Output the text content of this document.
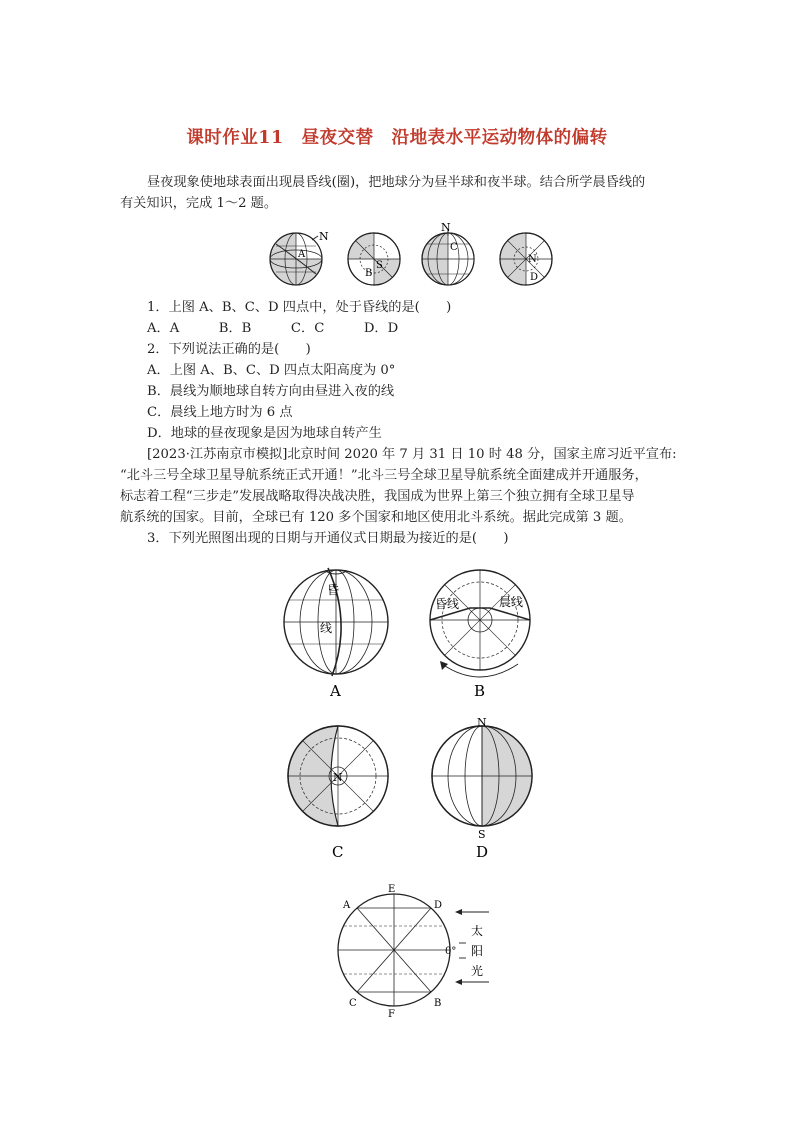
课时作业11　昼夜交替　沿地表水平运动物体的偏转
昼夜现象使地球表面出现晨昏线(圈)，把地球分为昼半球和夜半球。结合所学晨昏线的
有关知识，完成 1～2 题。
N
A
S
B
N
C
N
D
1．上图 A、B、C、D 四点中，处于昏线的是(　　)
A．A　　　B．B　　　C．C　　　D．D
2．下列说法正确的是(　　)
A．上图 A、B、C、D 四点太阳高度为 0°
B．晨线为顺地球自转方向由昼进入夜的线
C．晨线上地方时为 6 点
D．地球的昼夜现象是因为地球自转产生
[2023·江苏南京市模拟]北京时间 2020 年 7 月 31 日 10 时 48 分，国家主席习近平宣布:
“北斗三号全球卫星导航系统正式开通！”北斗三号全球卫星导航系统全面建成并开通服务，
标志着工程“三步走”发展战略取得决战决胜，我国成为世界上第三个独立拥有全球卫星导
航系统的国家。目前，全球已有 120 多个国家和地区使用北斗系统。据此完成第 3 题。
3．下列光照图出现的日期与开通仪式日期最为接近的是(　　)
昏
线
A
昏线	晨线
B
N
C
N
S
D
A
E
D
C
F
B
0°
太
阳
光
